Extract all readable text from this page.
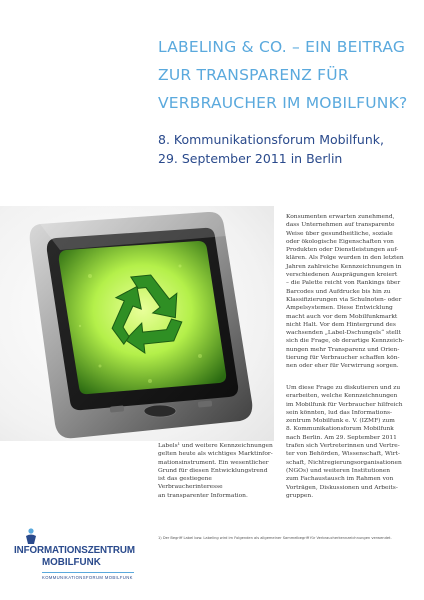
LABELING & CO. – EIN BEITRAG
ZUR TRANSPARENZ FÜR
VERBRAUCHER IM MOBILFUNK?
8. Kommunikationsforum Mobilfunk,
29. September 2011 in Berlin

Konsumenten erwarten zunehmend,

dass Unternehmen auf transparente

Weise über gesundheitliche, soziale

oder ökologische Eigenschaften von

Produkten oder Dienstleistungen auf-

klären. Als Folge wurden in den letzten

Jahren zahlreiche Kennzeichnungen in

verschiedenen Ausprägungen kreiert

– die Palette reicht von Rankings über

Barcodes und Aufdrucke bis hin zu

Klassifizierungen via Schulnoten- oder

Ampelsystemen. Diese Entwicklung

macht auch vor dem Mobilfunkmarkt

nicht Halt. Vor dem Hintergrund des

wachsenden „Label-Dschungels“ stellt

sich die Frage, ob derartige Kennzeich-

nungen mehr Transparenz und Orien-

tierung für Verbraucher schaffen kön-

nen oder eher für Verwirrung sorgen.

Um diese Frage zu diskutieren und zu

erarbeiten, welche Kennzeichnungen

im Mobilfunk für Verbraucher hilfreich

sein könnten, lud das Informations-

zentrum Mobilfunk e. V. (IZMF) zum

8. Kommunikationsforum Mobilfunk

nach Berlin. Am 29. September 2011

trafen sich Vertreterinnen und Vertre-

ter von Behörden, Wissenschaft, Wirt-

schaft, Nichtregierungsorganisationen

(NGOs) und weiteren Institutionen

zum Fachaustausch im Rahmen von

Vorträgen, Diskussionen und Arbeits-

gruppen.

Labels¹ und weitere Kennzeichnungen
gelten heute als wichtiges Marktinfor-
mationsinstrument. Ein wesentlicher
Grund für diesen Entwicklungstrend
ist das gestiegene Verbraucherinteresse
an transparenter Information.
1) Der Begriff Label bzw. Labeling wird im Folgenden als allgemeiner Sammelbegriff für Verbraucherkennzeichnungen verwendet.
INFORMATIONSZENTRUM
MOBILFUNK
KOMMUNIKATIONSFORUM MOBILFUNK
